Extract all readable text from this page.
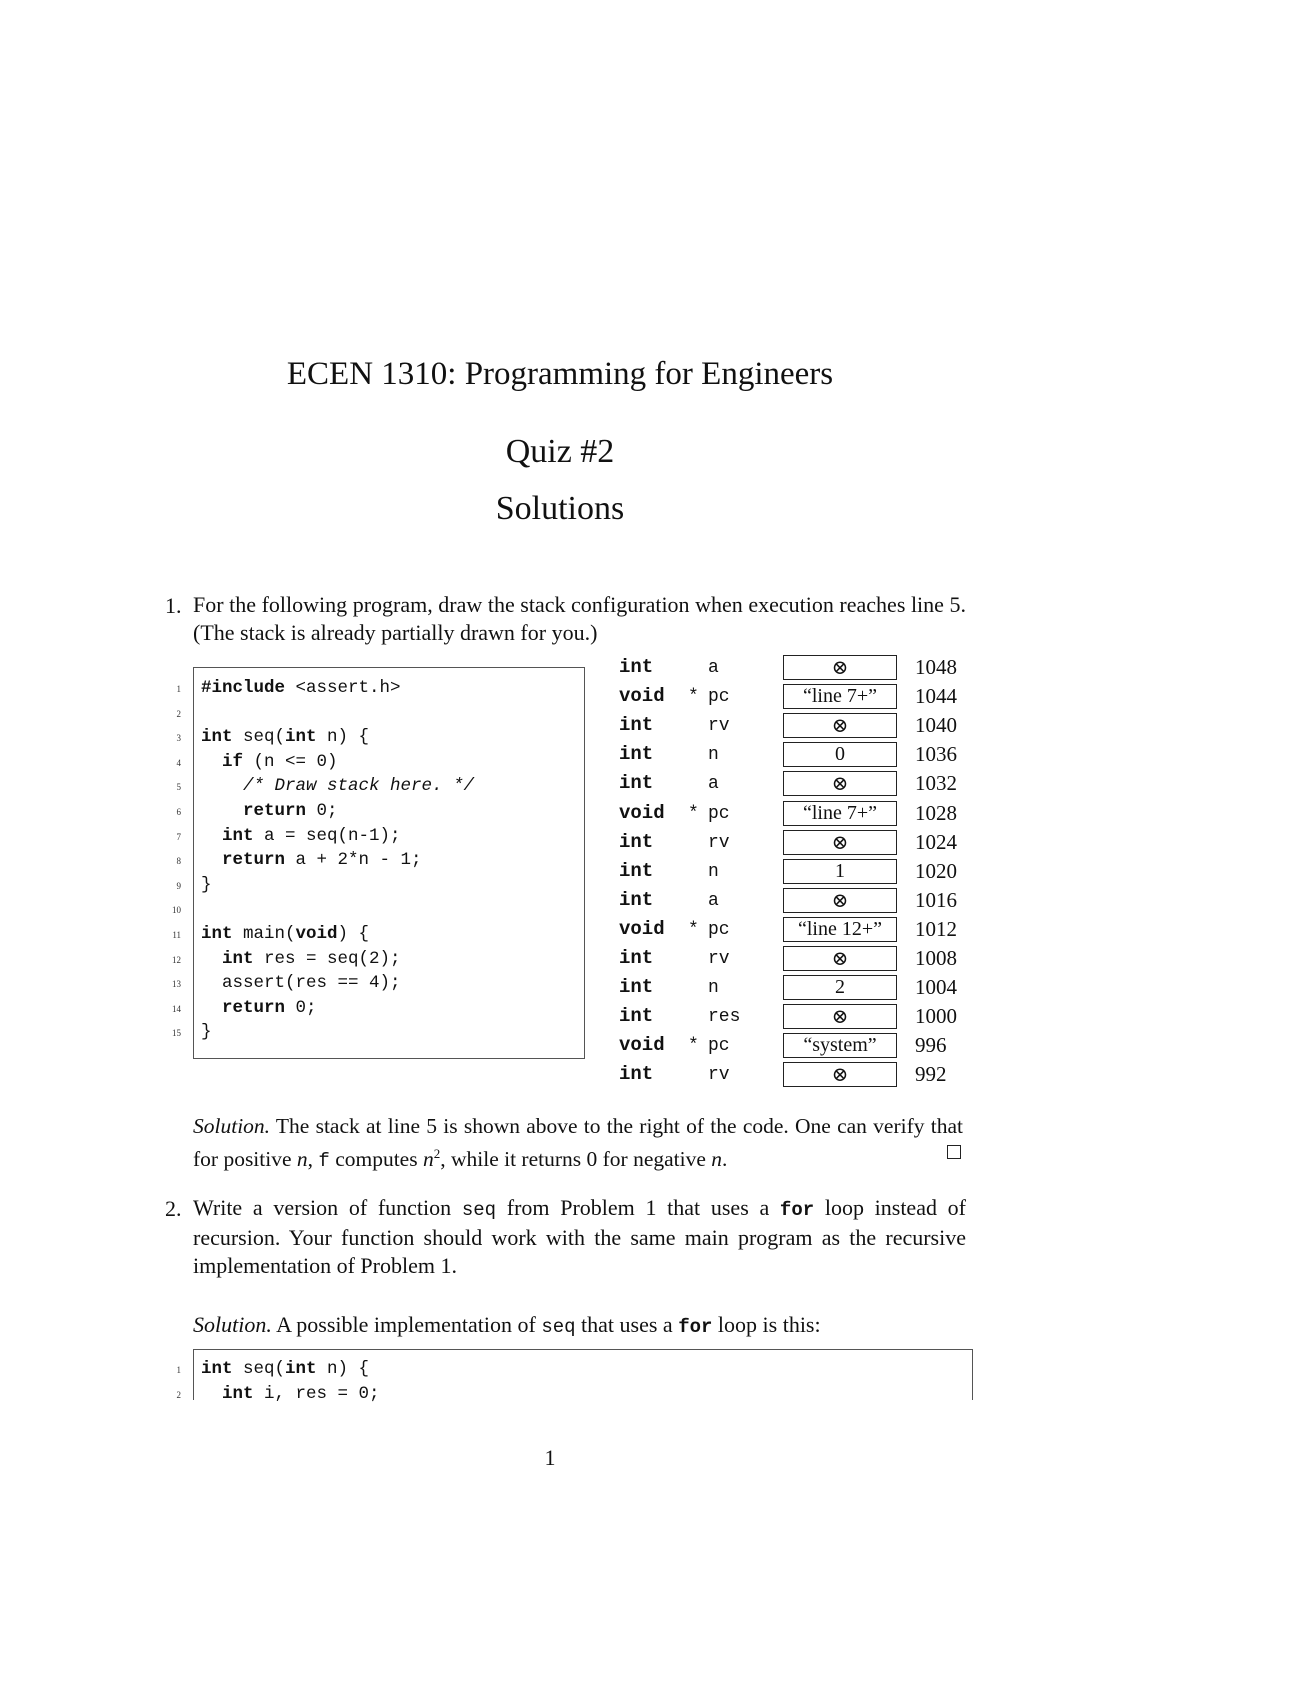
ECEN 1310: Programming for Engineers
Quiz #2
Solutions
1. For the following program, draw the stack configuration when execution reaches line 5. (The stack is already partially drawn for you.)
1
2
3
4
5
6
7
8
9
10
11
12
13
14
15
#include <assert.h>
int seq(int n) {
if (n <= 0)
/* Draw stack here. */
return 0;
int a = seq(n-1);
return a + 2*n - 1;
}
int main(void) {
int res = seq(2);
assert(res == 4);
return 0;
}
int	a	⊗	1048
void * pc	“line 7+”	1044
int	rv	⊗	1040
int	n	0	1036
int	a	⊗	1032
void * pc	“line 7+”	1028
int	rv	⊗	1024
int	n	1	1020
int	a	⊗	1016
void * pc	“line 12+”	1012
int	rv	⊗	1008
int	n	2	1004
int	res	⊗	1000
void * pc	“system”	996
int	rv	⊗	992
Solution. The stack at line 5 is shown above to the right of the code. One can verify that for positive n, f computes $n^2$, while it returns 0 for negative n.
2. Write a version of function seq from Problem 1 that uses a for loop instead of recursion. Your function should work with the same main program as the recursive implementation of Problem 1.
Solution. A possible implementation of seq that uses a for loop is this:
1
2
int seq(int n) {
int i, res = 0;
1
